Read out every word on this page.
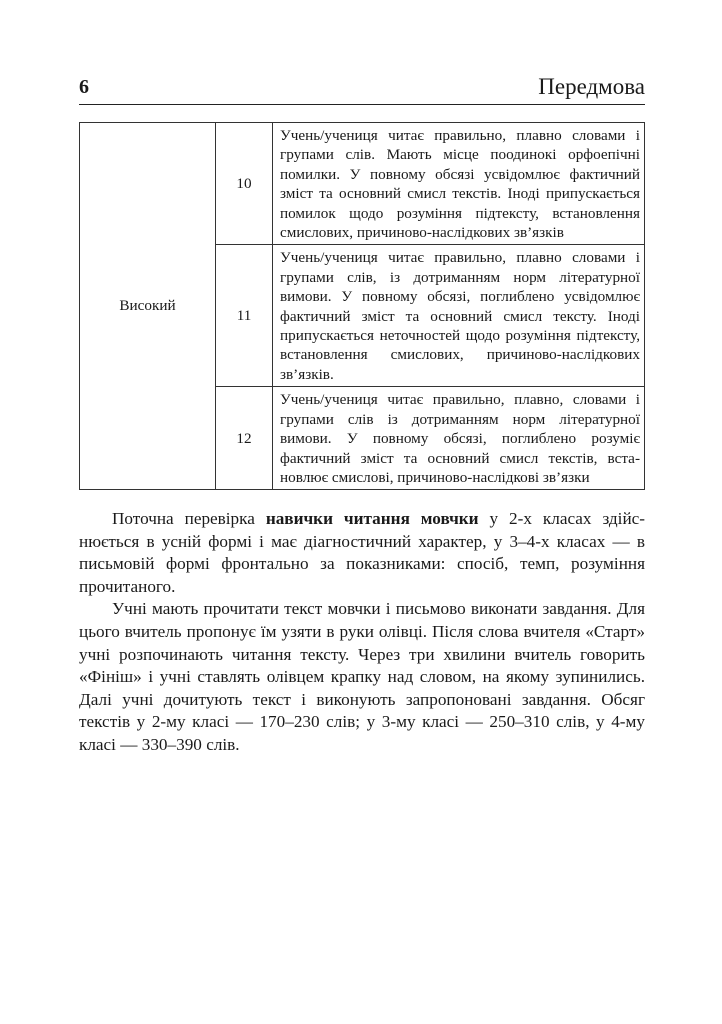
6	Передмова
Високий	10	Учень/учениця читає правильно, плавно словами і групами слів. Мають місце поодинокі орфоепічні помилки. У повному обсязі усвідомлює фактичний зміст та основний смисл текстів. Іноді припускається помилок щодо розуміння підтексту, встановлення смислових, причиново-наслідкових зв’язків
	11	Учень/учениця читає правильно, плавно словами і групами слів, із дотриманням норм літературної вимови. У повному обсязі, поглиблено усвідомлює фактичний зміст та основний смисл тексту. Іноді припускається неточностей щодо розуміння підтексту, встановлення смислових, причиново-наслідкових зв’язків.
	12	Учень/учениця читає правильно, плавно, словами і групами слів із дотриманням норм літературної вимови. У повному обсязі, поглиблено розуміє фактичний зміст та основний смисл текстів, встановлює смислові, причиново-наслідкові зв’язки

Поточна перевірка навички читання мовчки у 2-х класах здійснюється в усній формі і має діагностичний характер, у 3–4-х класах — в письмовій формі фронтально за показниками: спосіб, темп, розуміння прочитаного.

Учні мають прочитати текст мовчки і письмово виконати завдання. Для цього вчитель пропонує їм узяти в руки олівці. Після слова вчителя «Старт» учні розпочинають читання тексту. Через три хвилини вчитель говорить «Фініш» і учні ставлять олівцем крапку над словом, на якому зупинились. Далі учні дочитують текст і виконують запропоновані завдання. Обсяг текстів у 2-му класі — 170–230 слів; у 3-му класі — 250–310 слів, у 4-му класі — 330–390 слів.
